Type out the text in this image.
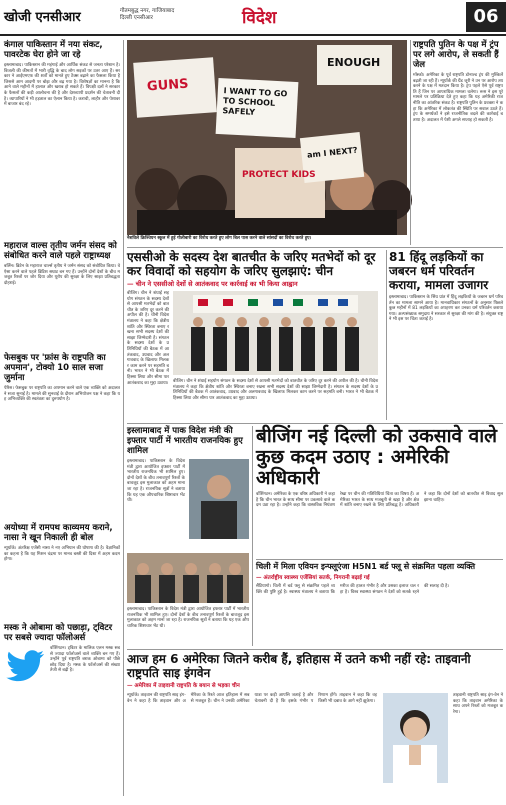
खोजी एनसीआर	गौतमबुद्ध नगर, गाजियाबाद
दिल्ली एनसीआर	विदेश	06
कंगाल पाकिस्तान में नया संकट, पावरटेक घेरा होने जा रहे
इस्लामाबाद। पाकिस्तान की महंगाई और आर्थिक संकट से जनता परेशान है। बिजली की कीमतों में भारी वृद्धि के बाद लोग सड़कों पर उतर आए हैं। सरकार ने आईएमएफ की शर्तों को मानते हुए टैक्स बढ़ाने का फैसला किया है जिससे आम आदमी पर बोझ और बढ़ गया है। विशेषज्ञों का मानना है कि आने वाले महीनों में हालात और खराब हो सकते हैं। विपक्षी दलों ने सरकार के फैसलों की कड़ी आलोचना की है और देशव्यापी प्रदर्शन की चेतावनी दी है। व्यापारियों ने भी हड़ताल का ऐलान किया है। कराची, लाहौर और पेशावर में बाजार बंद रहे।
महाराज वाल्स तृतीय जर्मन संसद को संबोधित करने वाले पहले राष्ट्राध्यक्ष
बर्लिन। ब्रिटेन के महाराज चार्ल्स तृतीय ने जर्मन संसद को संबोधित किया। वे ऐसा करने वाले पहले ब्रिटिश सम्राट बन गए हैं। उन्होंने दोनों देशों के बीच मजबूत रिश्तों पर जोर दिया और यूरोप की सुरक्षा के लिए साझा प्रतिबद्धता दोहराई।
फेसबुक पर 'फ्रांस के राष्ट्रपति का अपमान', टोक्यो 10 साल सजा जुर्माना
पेरिस। फेसबुक पर राष्ट्रपति का अपमान करने वाले एक व्यक्ति को अदालत ने सजा सुनाई है। मामले की सुनवाई के दौरान अभियोजन पक्ष ने कहा कि यह अभिव्यक्ति की स्वतंत्रता का दुरुपयोग है।
अयोध्या में रामपथ काव्यमय कराने, नासा ने खून निकाली ही बोल
न्यूयॉर्क। अंतरिक्ष एजेंसी नासा ने नए अभियान की घोषणा की है। वैज्ञानिकों का कहना है कि यह मिशन चंद्रमा पर मानव बस्ती की दिशा में अहम कदम होगा।
मस्क ने ओबामा को पछाड़ा, ट्विटर पर सबसे ज्यादा फॉलोअर्स
वॉशिंगटन। ट्विटर के मालिक एलन मस्क सबसे ज्यादा फॉलोअर्स वाले व्यक्ति बन गए हैं। उन्होंने पूर्व राष्ट्रपति बराक ओबामा को पीछे छोड़ दिया है। मस्क के फॉलोअर्स की संख्या तेजी से बढ़ी है।
GUNS	I WANT TO GO TO SCHOOL SAFELY
ENOUGH
am I NEXT?
PROTECT KIDS
नैशविले क्रिश्चियन स्कूल में हुई गोलीबारी का विरोध करते हुए लोग बिल पास करने वाले सांसदों का विरोध करते हुए।
राष्ट्रपति पुतिन के पक्ष में ट्रंप पर लगे आरोप, ले सकती हैं जेल
मॉस्को। अमेरिका के पूर्व राष्ट्रपति डोनाल्ड ट्रंप की मुश्किलें बढ़ती जा रही हैं। न्यूयॉर्क की ग्रैंड जूरी ने उन पर आरोप तय करने के पक्ष में मतदान किया है। ट्रंप पहले ऐसे पूर्व राष्ट्रपति हैं जिन पर आपराधिक मामला चलेगा। रूस ने इस पूरे मामले पर प्रतिक्रिया देते हुए कहा कि यह अमेरिकी राजनीति का आंतरिक संकट है। राष्ट्रपति पुतिन के प्रवक्ता ने कहा कि अमेरिका में लोकतंत्र की स्थिति पर सवाल उठते हैं। ट्रंप के समर्थकों ने इसे राजनीतिक बदले की कार्रवाई बताया है। अदालत में पेशी अगले सप्ताह हो सकती है।
एससीओ के सदस्य देश बातचीत के जरिए मतभेदों को दूर कर विवादों को सहयोग के जरिए सुलझाएं: चीन
— चीन ने एससीओ देशों से आतंकवाद पर कार्रवाई का भी किया आह्वान
बीजिंग। चीन ने शंघाई सहयोग संगठन के सदस्य देशों से आपसी मतभेदों को बातचीत के जरिए दूर करने की अपील की है। चीनी विदेश मंत्रालय ने कहा कि क्षेत्रीय शांति और स्थिरता बनाए रखना सभी सदस्य देशों की साझा जिम्मेदारी है। संगठन के सदस्य देशों के प्रतिनिधियों की बैठक में आतंकवाद, उग्रवाद और अलगाववाद के खिलाफ मिलकर काम करने पर सहमति बनी। भारत ने भी बैठक में हिस्सा लिया और सीमा पार आतंकवाद का मुद्दा उठाया। बीजिंग। चीन ने शंघाई सहयोग संगठन के सदस्य देशों से आपसी मतभेदों को बातचीत के जरिए दूर करने की अपील की है। चीनी विदेश मंत्रालय ने कहा कि क्षेत्रीय शांति और स्थिरता बनाए रखना सभी सदस्य देशों की साझा जिम्मेदारी है। संगठन के सदस्य देशों के प्रतिनिधियों की बैठक में आतंकवाद, उग्रवाद और अलगाववाद के खिलाफ मिलकर काम करने पर सहमति बनी। भारत ने भी बैठक में हिस्सा लिया और सीमा पार आतंकवाद का मुद्दा उठाया।
81 हिंदू लड़कियों का जबरन धर्म परिवर्तन कराया, मामला उजागर
इस्लामाबाद। पाकिस्तान के सिंध प्रांत में हिंदू लड़कियों के जबरन धर्म परिवर्तन का मामला सामने आया है। मानवाधिकार संगठनों के अनुसार पिछले कुछ महीनों में 81 लड़कियों का अपहरण कर उनका धर्म परिवर्तन कराया गया। अल्पसंख्यक समुदाय ने सरकार से सुरक्षा की मांग की है। संयुक्त राष्ट्र ने भी इस पर चिंता जताई है।
इस्लामाबाद में पाक विदेश मंत्री की इफ्तार पार्टी में भारतीय राजनयिक हुए शामिल
इस्लामाबाद। पाकिस्तान के विदेश मंत्री द्वारा आयोजित इफ्तार पार्टी में भारतीय राजनयिक भी शामिल हुए। दोनों देशों के बीच तनावपूर्ण रिश्तों के बावजूद इस मुलाकात को अहम माना जा रहा है। राजनयिक सूत्रों ने बताया कि यह एक औपचारिक शिष्टाचार भेंट थी।
इस्लामाबाद। पाकिस्तान के विदेश मंत्री द्वारा आयोजित इफ्तार पार्टी में भारतीय राजनयिक भी शामिल हुए। दोनों देशों के बीच तनावपूर्ण रिश्तों के बावजूद इस मुलाकात को अहम माना जा रहा है। राजनयिक सूत्रों ने बताया कि यह एक औपचारिक शिष्टाचार भेंट थी।
बीजिंग नई दिल्ली को उकसावे वाले कुछ कदम उठाए : अमेरिकी अधिकारी
वॉशिंगटन। अमेरिका के एक वरिष्ठ अधिकारी ने कहा है कि चीन भारत के साथ सीमा पर उकसावे वाले कदम उठा रहा है। उन्होंने कहा कि वास्तविक नियंत्रण रेखा पर चीन की गतिविधियां चिंता का विषय हैं। अमेरिका भारत के साथ मजबूती से खड़ा है और क्षेत्र में शांति बनाए रखने के लिए प्रतिबद्ध है। अधिकारी ने कहा कि दोनों देशों को बातचीत से विवाद सुलझाना चाहिए।
चिली में मिला एवियन इन्फ्लूएंजा H5N1 बर्ड फ्लू से संक्रमित पहला व्यक्ति
— अंतर्राष्ट्रीय स्वास्थ्य एजेंसियां सतर्क, निगरानी बढ़ाई गई
सैंटियागो। चिली में बर्ड फ्लू से संक्रमित पहले व्यक्ति की पुष्टि हुई है। स्वास्थ्य मंत्रालय ने बताया कि मरीज की हालत गंभीर है और उसका इलाज चल रहा है। विश्व स्वास्थ्य संगठन ने देशों को सतर्क रहने की सलाह दी है।
आज हम 6 अमेरिका जितने करीब हैं, इतिहास में उतने कभी नहीं रहे: ताइवानी राष्ट्रपति साइ इंगवेन
— अमेरिका में ताइवानी राष्ट्रपति के बयान से भड़का चीन
न्यूयॉर्क। ताइवान की राष्ट्रपति साइ इंग-वेन ने कहा है कि ताइवान और अमेरिका के रिश्ते आज इतिहास में सबसे मजबूत हैं। चीन ने उनकी अमेरिका यात्रा पर कड़ी आपत्ति जताई है और चेतावनी दी है कि इसके गंभीर परिणाम होंगे। ताइवान ने कहा कि वह किसी भी दबाव के आगे नहीं झुकेगा।
ताइवानी राष्ट्रपति साइ इंग-वेन ने कहा कि ताइवान अमेरिका के साथ अपने रिश्तों को मजबूत करेगा।
